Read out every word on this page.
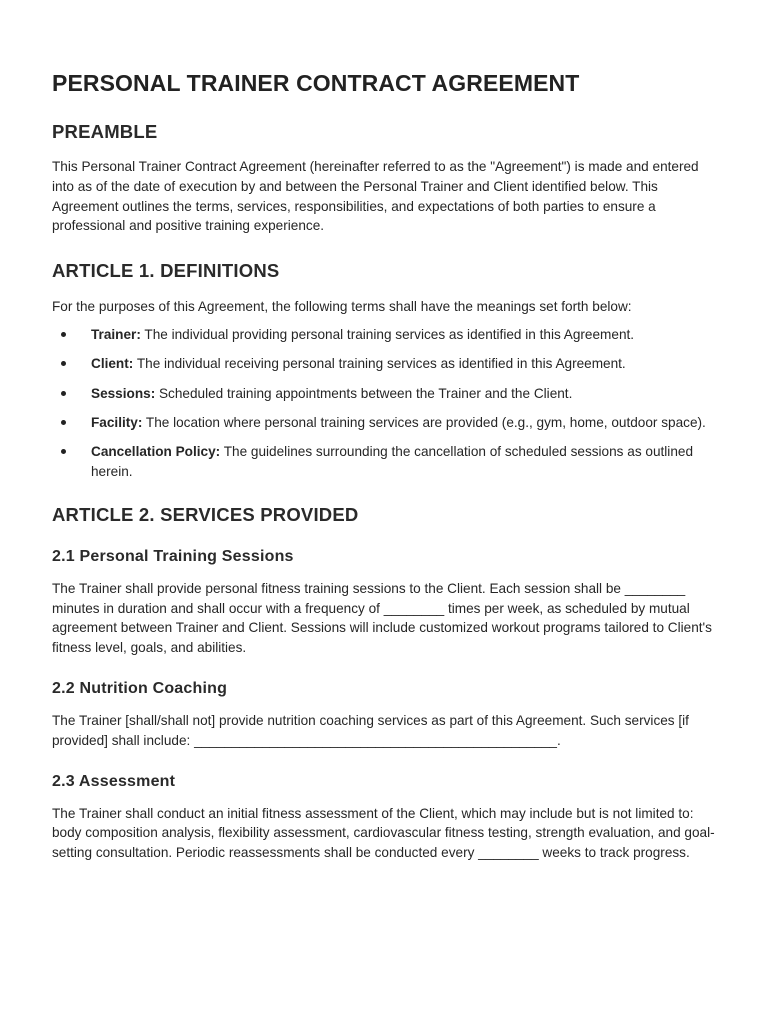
PERSONAL TRAINER CONTRACT AGREEMENT
PREAMBLE

This Personal Trainer Contract Agreement (hereinafter referred to as the "Agreement") is made and entered into as of the date of execution by and between the Personal Trainer and Client identified below. This Agreement outlines the terms, services, responsibilities, and expectations of both parties to ensure a professional and positive training experience.

ARTICLE 1. DEFINITIONS

For the purposes of this Agreement, the following terms shall have the meanings set forth below:

Trainer: The individual providing personal training services as identified in this Agreement.
Client: The individual receiving personal training services as identified in this Agreement.
Sessions: Scheduled training appointments between the Trainer and the Client.
Facility: The location where personal training services are provided (e.g., gym, home, outdoor space).
Cancellation Policy: The guidelines surrounding the cancellation of scheduled sessions as outlined herein.
ARTICLE 2. SERVICES PROVIDED
2.1 Personal Training Sessions

The Trainer shall provide personal fitness training sessions to the Client. Each session shall be ________ minutes in duration and shall occur with a frequency of ________ times per week, as scheduled by mutual agreement between Trainer and Client. Sessions will include customized workout programs tailored to Client's fitness level, goals, and abilities.

2.2 Nutrition Coaching

The Trainer [shall/shall not] provide nutrition coaching services as part of this Agreement. Such services [if provided] shall include: ________________________________________________.

2.3 Assessment

The Trainer shall conduct an initial fitness assessment of the Client, which may include but is not limited to: body composition analysis, flexibility assessment, cardiovascular fitness testing, strength evaluation, and goal-setting consultation. Periodic reassessments shall be conducted every ________ weeks to track progress.
